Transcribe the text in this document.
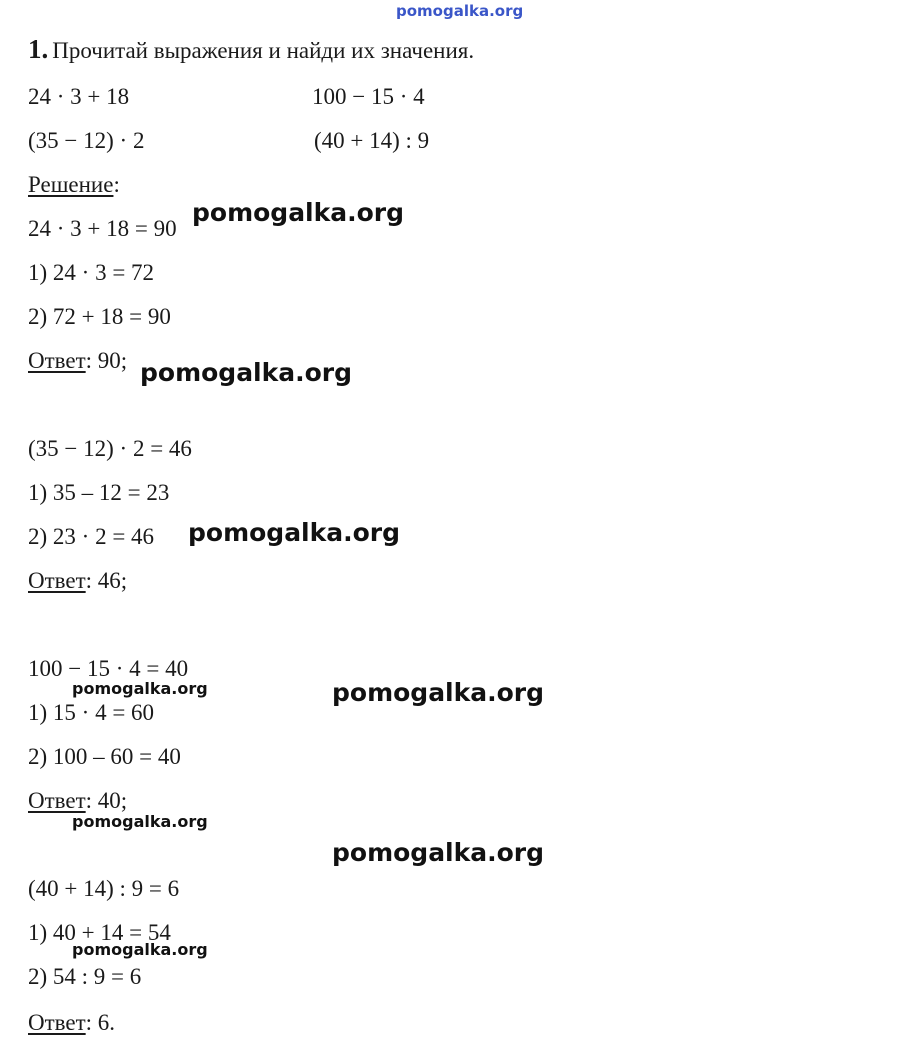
pomogalka.org
1. Прочитай выражения и найди их значения.
24 · 3 + 18	100 − 15 · 4
(35 − 12) · 2	(40 + 14) : 9
Решение:
24 · 3 + 18 = 90
1) 24 · 3 = 72
2) 72 + 18 = 90
Ответ: 90;
(35 − 12) · 2 = 46
1) 35 – 12 = 23
2) 23 · 2 = 46
Ответ: 46;
100 − 15 · 4 = 40
1) 15 · 4 = 60
2) 100 – 60 = 40
Ответ: 40;
(40 + 14) : 9 = 6
1) 40 + 14 = 54
2) 54 : 9 = 6
Ответ: 6.
pomogalka.org
pomogalka.org
pomogalka.org
pomogalka.org
pomogalka.org
pomogalka.org
pomogalka.org
pomogalka.org
